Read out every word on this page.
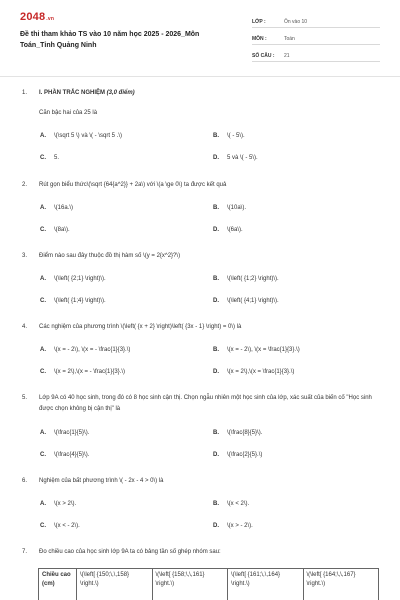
2048.vn
Đề thi tham khảo TS vào 10 năm học 2025 - 2026_Môn Toán_Tỉnh Quảng Ninh
LỚP :	Ôn vào 10
MÔN :	Toán
SỐ CÂU :	21
1. I. PHẦN TRẮC NGHIỆM (3,0 điểm)
Căn bậc hai của 25 là
A. \(\sqrt 5 \) và \( - \sqrt 5 .\)	B. \( - 5\).
C. 5.	D. 5 và \( - 5\).
2. Rút gọn biểu thức\(\sqrt {64{a^2}} + 2a\) với \(a \ge 0\) ta được kết quả
A. \(16a.\)	B. \(10a\).
C. \(8a\).	D. \(6a\).
3. Điểm nào sau đây thuộc đồ thị hàm số \(y = 2{x^2}?\)
A. \(\left( {2;1} \right)\).	B. \(\left( {1;2} \right)\).
C. \(\left( {1;4} \right)\).	D. \(\left( {4;1} \right)\).
4. Các nghiệm của phương trình \(\left( {x + 2} \right)\left( {3x - 1} \right) = 0\) là
A. \(x = - 2\), \(x = - \frac{1}{3}.\)	B. \(x = - 2\), \(x = \frac{1}{3}.\)
C. \(x = 2\),\(x = - \frac{1}{3}.\)	D. \(x = 2\),\(x = \frac{1}{3}.\)
5. Lớp 9A có 40 học sinh, trong đó có 8 học sinh cận thị. Chọn ngẫu nhiên một học sinh của lớp, xác suất của biến cố "Học sinh được chọn không bị cận thị" là
A. \(\frac{1}{5}\).	B. \(\frac{8}{5}\).
C. \(\frac{4}{5}\).	D. \(\frac{2}{5}.\)
6. Nghiệm của bất phương trình \( - 2x - 4 > 0\) là
A. \(x > 2\).	B. \(x < 2\).
C. \(x < - 2\).	D. \(x > - 2\).
7. Đo chiều cao của học sinh lớp 9A ta có bảng tần số ghép nhóm sau:
Chiều cao (cm)	\(\left[ {150;\,\,158} \right.\)	\(\left[ {158;\,\,161} \right.\)	\(\left[ {161;\,\,164} \right.\)	\(\left[ {164;\,\,167} \right.\)
